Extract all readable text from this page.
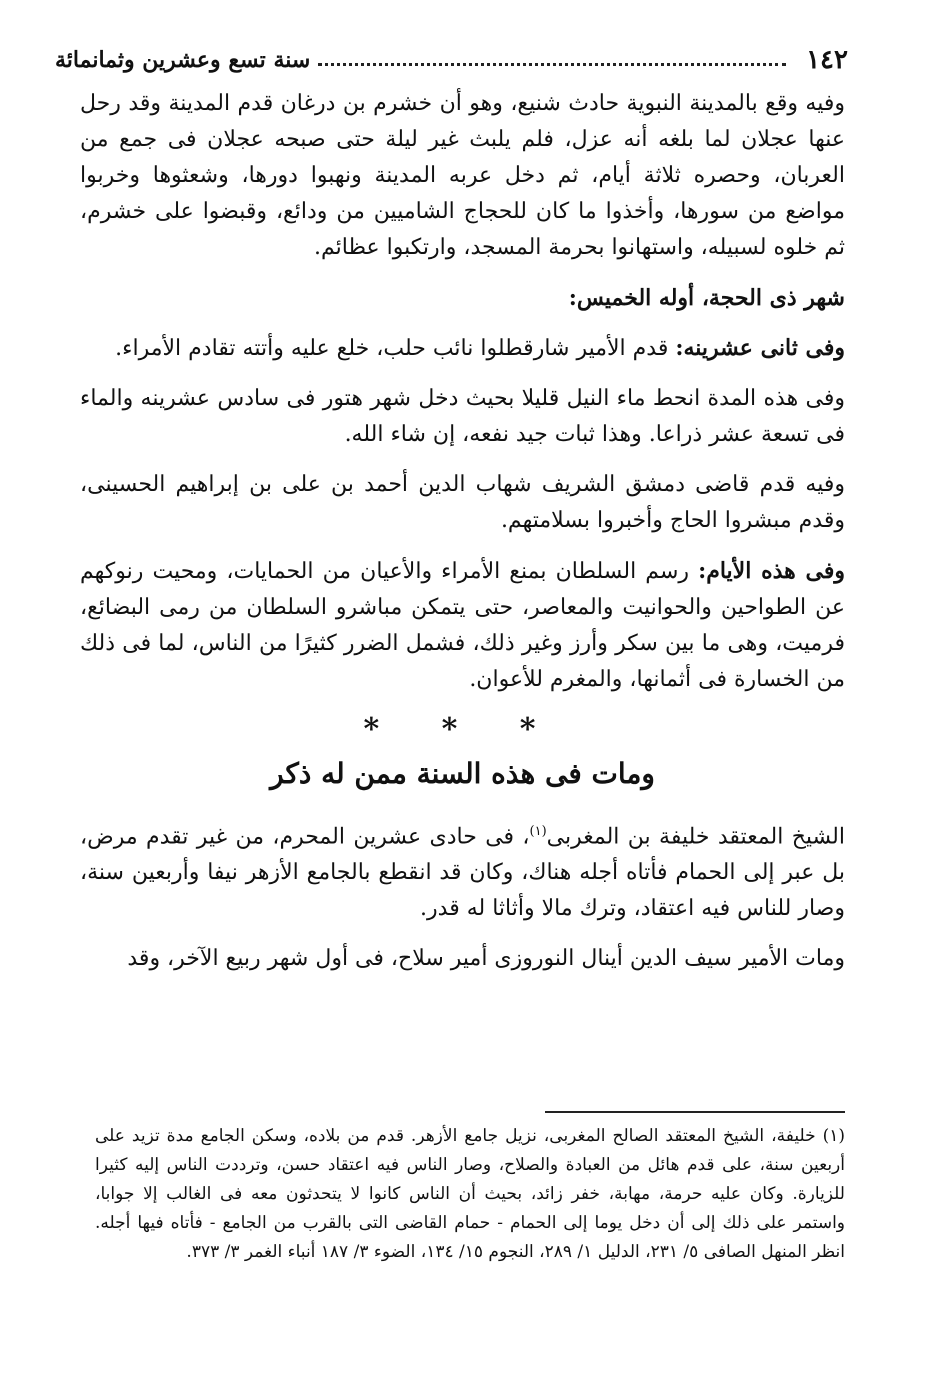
١٤٢
سنة تسع وعشرين وثمانمائة

وفيه وقع بالمدينة النبوية حادث شنيع، وهو أن خشرم بن درغان قدم المدينة وقد رحل عنها عجلان لما بلغه أنه عزل، فلم يلبث غير ليلة حتى صبحه عجلان فى جمع من العربان، وحصره ثلاثة أيام، ثم دخل عربه المدينة ونهبوا دورها، وشعثوها وخربوا مواضع من سورها، وأخذوا ما كان للحجاج الشاميين من ودائع، وقبضوا على خشرم، ثم خلوه لسبيله، واستهانوا بحرمة المسجد، وارتكبوا عظائم.

شهر ذى الحجة، أوله الخميس:

وفى ثانى عشرينه: قدم الأمير شارقطلوا نائب حلب، خلع عليه وأتته تقادم الأمراء.

وفى هذه المدة انحط ماء النيل قليلا بحيث دخل شهر هتور فى سادس عشرينه والماء فى تسعة عشر ذراعا. وهذا ثبات جيد نفعه، إن شاء الله.

وفيه قدم قاضى دمشق الشريف شهاب الدين أحمد بن على بن إبراهيم الحسينى، وقدم مبشروا الحاج وأخبروا بسلامتهم.

وفى هذه الأيام: رسم السلطان بمنع الأمراء والأعيان من الحمايات، ومحيت رنوكهم عن الطواحين والحوانيت والمعاصر، حتى يتمكن مباشرو السلطان من رمى البضائع، فرميت، وهى ما بين سكر وأرز وغير ذلك، فشمل الضرر كثيرًا من الناس، لما فى ذلك من الخسارة فى أثمانها، والمغرم للأعوان.

* * *
ومات فى هذه السنة ممن له ذكر

الشيخ المعتقد خليفة بن المغربى$^{(١)}$، فى حادى عشرين المحرم، من غير تقدم مرض، بل عبر إلى الحمام فأتاه أجله هناك، وكان قد انقطع بالجامع الأزهر نيفا وأربعين سنة، وصار للناس فيه اعتقاد، وترك مالا وأثاثا له قدر.

ومات الأمير سيف الدين أينال النوروزى أمير سلاح، فى أول شهر ربيع الآخر، وقد

(١) خليفة، الشيخ المعتقد الصالح المغربى، نزيل جامع الأزهر. قدم من بلاده، وسكن الجامع مدة تزيد على أربعين سنة، على قدم هائل من العبادة والصلاح، وصار الناس فيه اعتقاد حسن، وترددت الناس إليه كثيرا للزيارة. وكان عليه حرمة، مهابة، خفر زائد، بحيث أن الناس كانوا لا يتحدثون معه فى الغالب إلا جوابا، واستمر على ذلك إلى أن دخل يوما إلى الحمام - حمام القاضى التى بالقرب من الجامع - فأتاه فيها أجله. انظر المنهل الصافى ٥/ ٢٣١، الدليل ١/ ٢٨٩، النجوم ١٥/ ١٣٤، الضوء ٣/ ١٨٧ أنباء الغمر ٣/ ٣٧٣.
